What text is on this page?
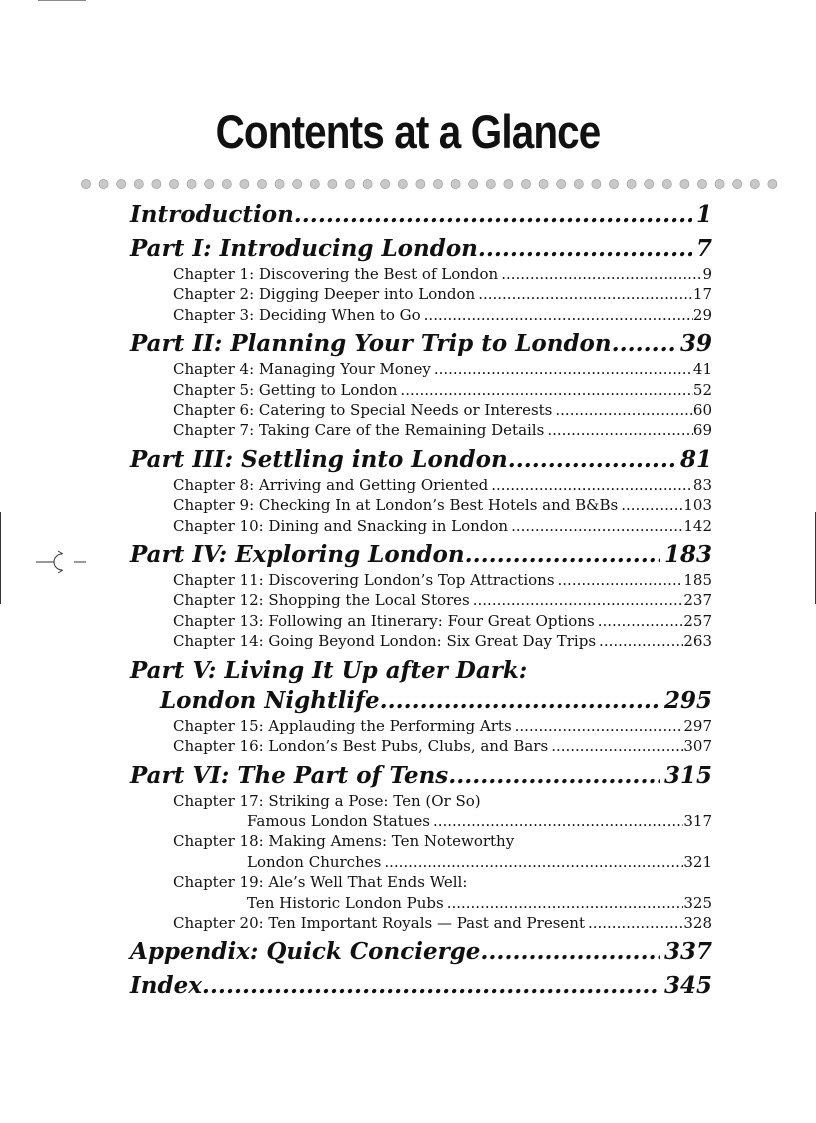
Contents at a Glance
Introduction .....	1
Part I: Introducing London .....	7
Chapter 1: Discovering the Best of London .....	9
Chapter 2: Digging Deeper into London .....	17
Chapter 3: Deciding When to Go .....	29
Part II: Planning Your Trip to London .....	39
Chapter 4: Managing Your Money .....	41
Chapter 5: Getting to London .....	52
Chapter 6: Catering to Special Needs or Interests .....	60
Chapter 7: Taking Care of the Remaining Details .....	69
Part III: Settling into London .....	81
Chapter 8: Arriving and Getting Oriented .....	83
Chapter 9: Checking In at London’s Best Hotels and B&Bs .....	103
Chapter 10: Dining and Snacking in London .....	142
Part IV: Exploring London .....	183
Chapter 11: Discovering London’s Top Attractions .....	185
Chapter 12: Shopping the Local Stores .....	237
Chapter 13: Following an Itinerary: Four Great Options .....	257
Chapter 14: Going Beyond London: Six Great Day Trips .....	263
Part V: Living It Up after Dark:
London Nightlife .....	295
Chapter 15: Applauding the Performing Arts .....	297
Chapter 16: London’s Best Pubs, Clubs, and Bars .....	307
Part VI: The Part of Tens .....	315
Chapter 17: Striking a Pose: Ten (Or So)
Famous London Statues .....	317
Chapter 18: Making Amens: Ten Noteworthy
London Churches .....	321
Chapter 19: Ale’s Well That Ends Well:
Ten Historic London Pubs .....	325
Chapter 20: Ten Important Royals — Past and Present .....	328
Appendix: Quick Concierge .....	337
Index .....	345
